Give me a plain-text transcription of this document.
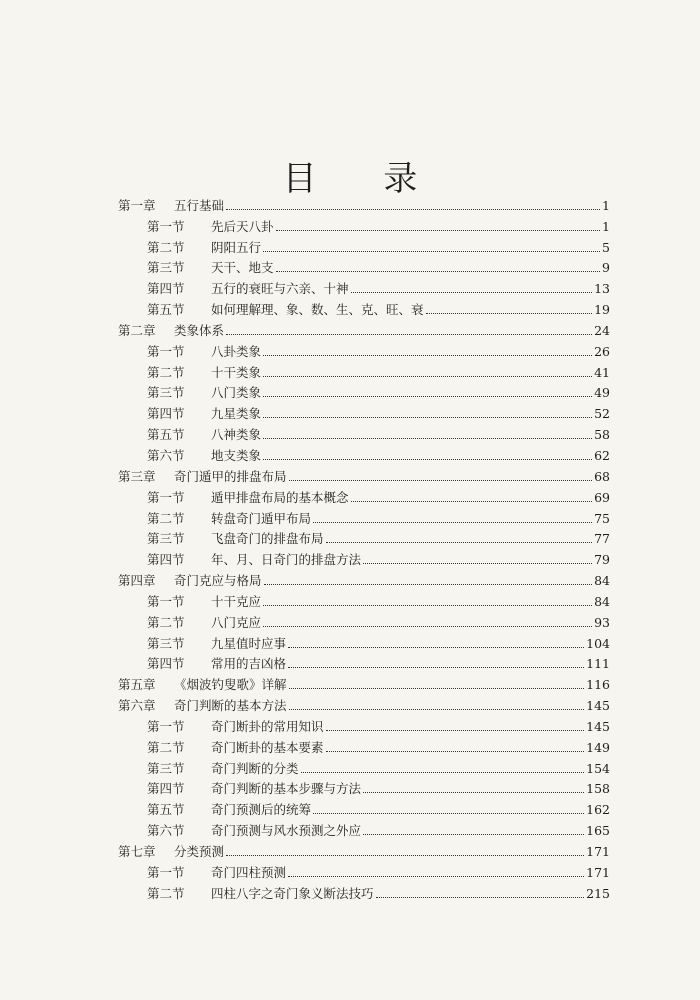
目 录
第一章	五行基础	1
第一节	先后天八卦	1
第二节	阴阳五行	5
第三节	天干、地支	9
第四节	五行的衰旺与六亲、十神	13
第五节	如何理解理、象、数、生、克、旺、衰	19
第二章	类象体系	24
第一节	八卦类象	26
第二节	十干类象	41
第三节	八门类象	49
第四节	九星类象	52
第五节	八神类象	58
第六节	地支类象	62
第三章	奇门遁甲的排盘布局	68
第一节	遁甲排盘布局的基本概念	69
第二节	转盘奇门遁甲布局	75
第三节	飞盘奇门的排盘布局	77
第四节	年、月、日奇门的排盘方法	79
第四章	奇门克应与格局	84
第一节	十干克应	84
第二节	八门克应	93
第三节	九星值时应事	104
第四节	常用的吉凶格	111
第五章	《烟波钓叟歌》详解	116
第六章	奇门判断的基本方法	145
第一节	奇门断卦的常用知识	145
第二节	奇门断卦的基本要素	149
第三节	奇门判断的分类	154
第四节	奇门判断的基本步骤与方法	158
第五节	奇门预测后的统筹	162
第六节	奇门预测与风水预测之外应	165
第七章	分类预测	171
第一节	奇门四柱预测	171
第二节	四柱八字之奇门象义断法技巧	215
